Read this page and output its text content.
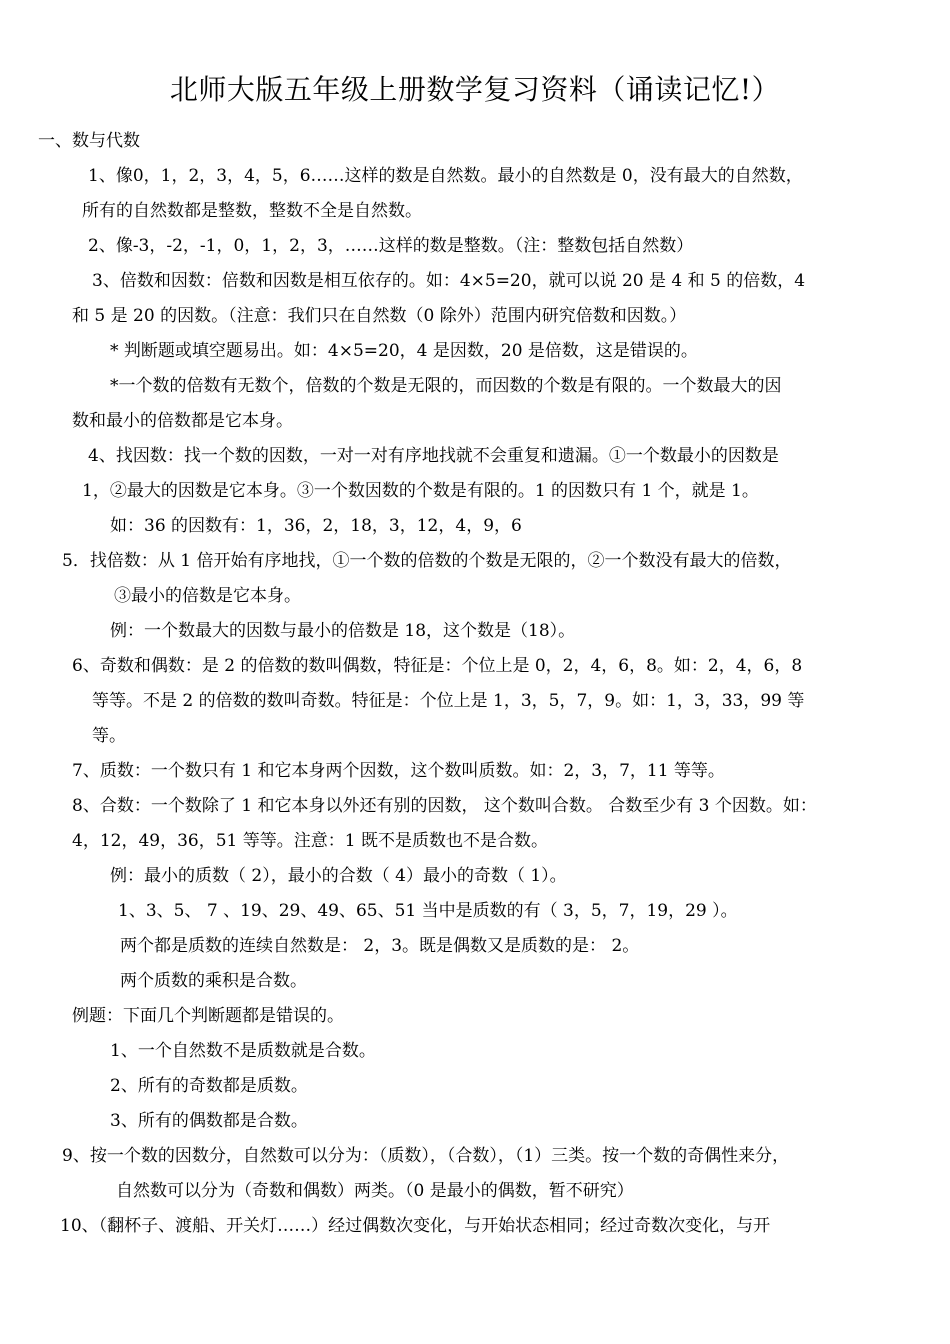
北师大版五年级上册数学复习资料（诵读记忆!）
一、数与代数
1、像0，1，2，3，4，5，6……这样的数是自然数。最小的自然数是 0，没有最大的自然数，
所有的自然数都是整数，整数不全是自然数。
2、像-3，-2，-1，0，1，2，3，……这样的数是整数。（注：整数包括自然数）
3、倍数和因数：倍数和因数是相互依存的。如：4×5=20，就可以说 20 是 4 和 5 的倍数，4
和 5 是 20 的因数。（注意：我们只在自然数（0 除外）范围内研究倍数和因数。）
* 判断题或填空题易出。如：4×5=20，4 是因数，20 是倍数，这是错误的。
*一个数的倍数有无数个，倍数的个数是无限的，而因数的个数是有限的。一个数最大的因
数和最小的倍数都是它本身。
4、找因数：找一个数的因数，一对一对有序地找就不会重复和遗漏。①一个数最小的因数是
1，②最大的因数是它本身。③一个数因数的个数是有限的。1 的因数只有 1 个，就是 1。
如：36 的因数有：1，36，2，18，3，12，4，9，6
5．找倍数：从 1 倍开始有序地找，①一个数的倍数的个数是无限的，②一个数没有最大的倍数，
③最小的倍数是它本身。
例：一个数最大的因数与最小的倍数是 18，这个数是（18）。
6、奇数和偶数：是 2 的倍数的数叫偶数，特征是：个位上是 0，2，4，6，8。如：2，4，6，8
等等。不是 2 的倍数的数叫奇数。特征是：个位上是 1，3，5，7，9。如：1，3，33，99 等
等。
7、质数：一个数只有 1 和它本身两个因数，这个数叫质数。如：2，3，7，11 等等。
8、合数：一个数除了 1 和它本身以外还有别的因数， 这个数叫合数。 合数至少有 3 个因数。如：
4，12，49，36，51 等等。注意：1 既不是质数也不是合数。
例：最小的质数（ 2），最小的合数（ 4）最小的奇数（ 1）。
1、3、5、 7 、19、29、49、65、51 当中是质数的有（ 3，5，7，19，29 ）。
两个都是质数的连续自然数是： 2，3。既是偶数又是质数的是： 2。
两个质数的乘积是合数。
例题：下面几个判断题都是错误的。
1、一个自然数不是质数就是合数。
2、所有的奇数都是质数。
3、所有的偶数都是合数。
9、按一个数的因数分，自然数可以分为：（质数），（合数），（1）三类。按一个数的奇偶性来分，
自然数可以分为（奇数和偶数）两类。（0 是最小的偶数，暂不研究）
10、（翻杯子、渡船、开关灯……）经过偶数次变化，与开始状态相同；经过奇数次变化，与开
